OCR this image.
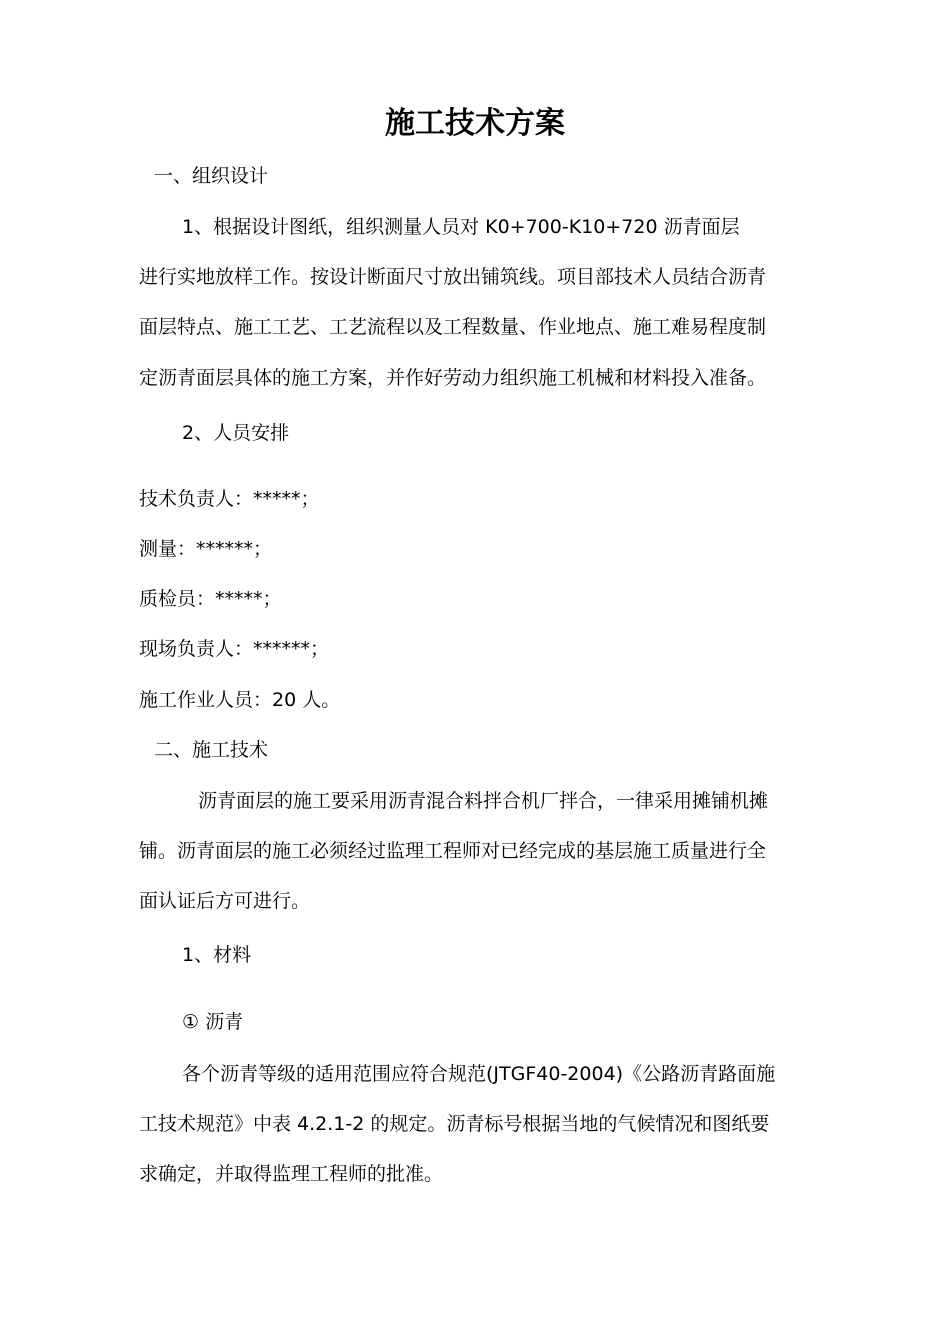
施工技术方案
一、组织设计
1、根据设计图纸，组织测量人员对 K0+700-K10+720 沥青面层
进行实地放样工作。按设计断面尺寸放出铺筑线。项目部技术人员结合沥青
面层特点、施工工艺、工艺流程以及工程数量、作业地点、施工难易程度制
定沥青面层具体的施工方案，并作好劳动力组织施工机械和材料投入准备。
2、人员安排
技术负责人：*****；
测量：******；
质检员：*****；
现场负责人：******；
施工作业人员：20 人。
二、施工技术
沥青面层的施工要采用沥青混合料拌合机厂拌合，一律采用摊铺机摊
铺。沥青面层的施工必须经过监理工程师对已经完成的基层施工质量进行全
面认证后方可进行。
1、材料
① 沥青
各个沥青等级的适用范围应符合规范(JTGF40-2004)《公路沥青路面施
工技术规范》中表 4.2.1-2 的规定。沥青标号根据当地的气候情况和图纸要
求确定，并取得监理工程师的批准。
